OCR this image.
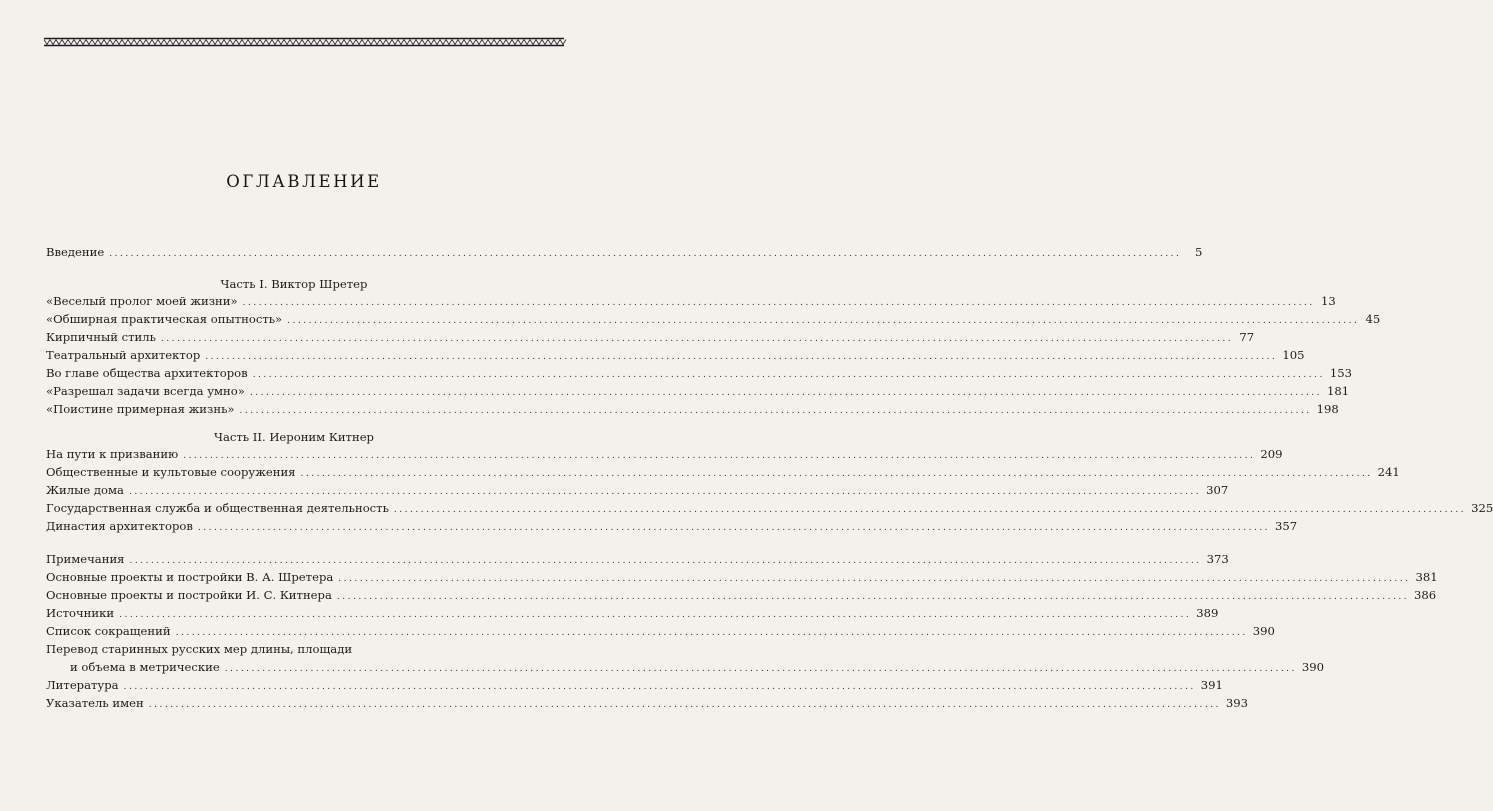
ОГЛАВЛЕНИЕ
Введение ........................................................................................................................................................................................................	5
Часть I. Виктор Шретер
«Веселый пролог моей жизни» ........................................................................................................................................................................................................ 13
«Обширная практическая опытность» ........................................................................................................................................................................................................ 45
Кирпичный стиль ........................................................................................................................................................................................................ 77
Театральный архитектор ........................................................................................................................................................................................................ 105
Во главе общества архитекторов ........................................................................................................................................................................................................ 153
«Разрешал задачи всегда умно» ........................................................................................................................................................................................................ 181
«Поистине примерная жизнь» ........................................................................................................................................................................................................ 198
Часть II. Иероним Китнер
На пути к призванию ........................................................................................................................................................................................................ 209
Общественные и культовые сооружения ........................................................................................................................................................................................................ 241
Жилые дома ........................................................................................................................................................................................................ 307
Государственная служба и общественная деятельность ........................................................................................................................................................................................................ 325
Династия архитекторов ........................................................................................................................................................................................................ 357
Примечания ........................................................................................................................................................................................................ 373
Основные проекты и постройки В. А. Шретера ........................................................................................................................................................................................................ 381
Основные проекты и постройки И. С. Китнера ........................................................................................................................................................................................................ 386
Источники ........................................................................................................................................................................................................ 389
Список сокращений ........................................................................................................................................................................................................ 390
Перевод старинных русских мер длины, площади
и объема в метрические ........................................................................................................................................................................................................ 390
Литература ........................................................................................................................................................................................................ 391
Указатель имен ........................................................................................................................................................................................................ 393
